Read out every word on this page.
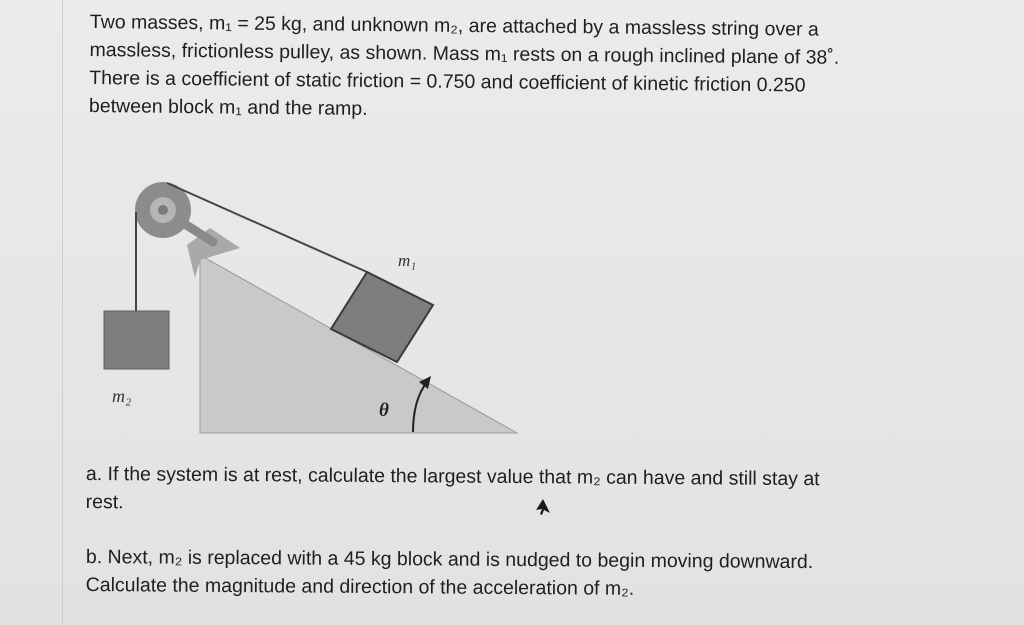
Two masses, m₁ = 25 kg, and unknown m₂, are attached by a massless string over a
massless, frictionless pulley, as shown. Mass m₁ rests on a rough inclined plane of 38˚.
There is a coefficient of static friction = 0.750 and coefficient of kinetic friction 0.250
between block m₁ and the ramp.
m₁
m₂
θ
a. If the system is at rest, calculate the largest value that m₂ can have and still stay at
rest.
b. Next, m₂ is replaced with a 45 kg block and is nudged to begin moving downward.
Calculate the magnitude and direction of the acceleration of m₂.
